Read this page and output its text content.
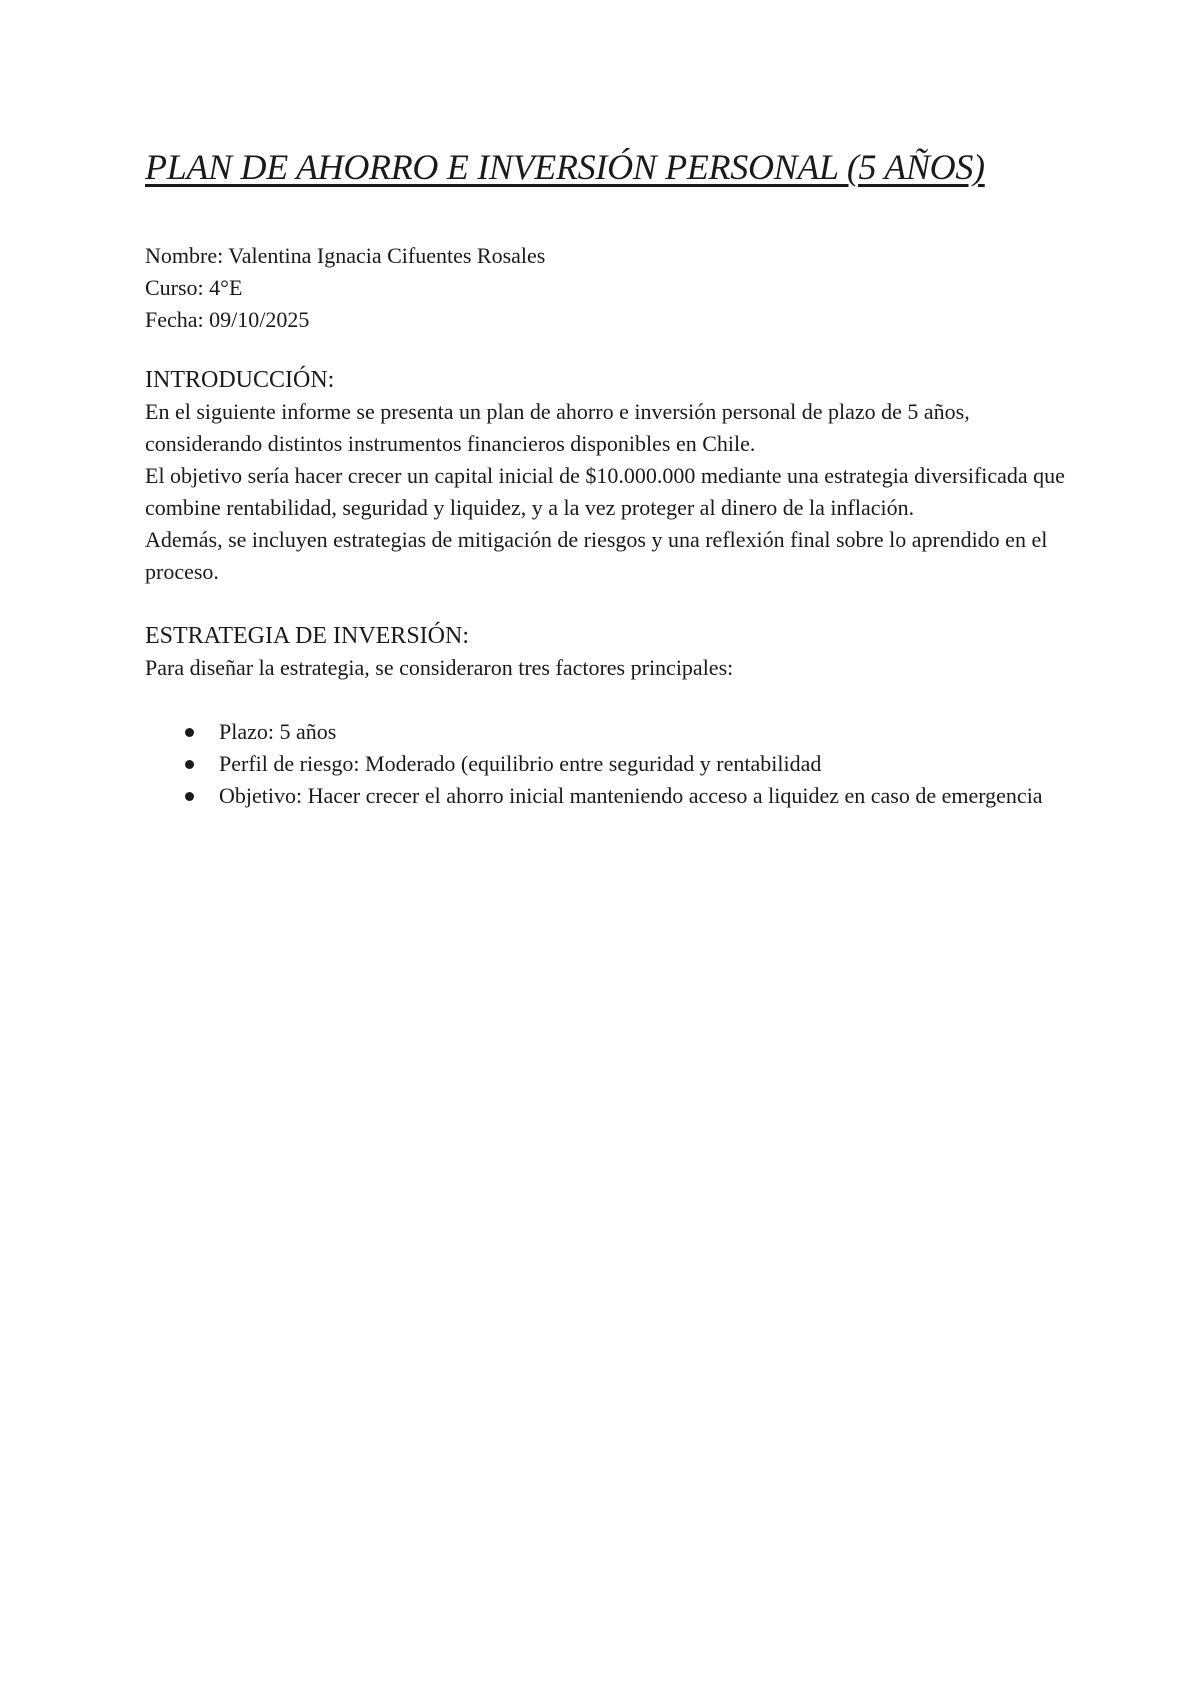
PLAN DE AHORRO E INVERSIÓN PERSONAL (5 AÑOS)
Nombre: Valentina Ignacia Cifuentes Rosales
Curso: 4°E
Fecha: 09/10/2025
INTRODUCCIÓN:

En el siguiente informe se presenta un plan de ahorro e inversión personal de plazo de 5 años, considerando distintos instrumentos financieros disponibles en Chile.

El objetivo sería hacer crecer un capital inicial de $10.000.000 mediante una estrategia diversificada que combine rentabilidad, seguridad y liquidez, y a la vez proteger al dinero de la inflación.

Además, se incluyen estrategias de mitigación de riesgos y una reflexión final sobre lo aprendido en el proceso.

ESTRATEGIA DE INVERSIÓN:

Para diseñar la estrategia, se consideraron tres factores principales:

Plazo: 5 años
Perfil de riesgo: Moderado (equilibrio entre seguridad y rentabilidad
Objetivo: Hacer crecer el ahorro inicial manteniendo acceso a liquidez en caso de emergencia
